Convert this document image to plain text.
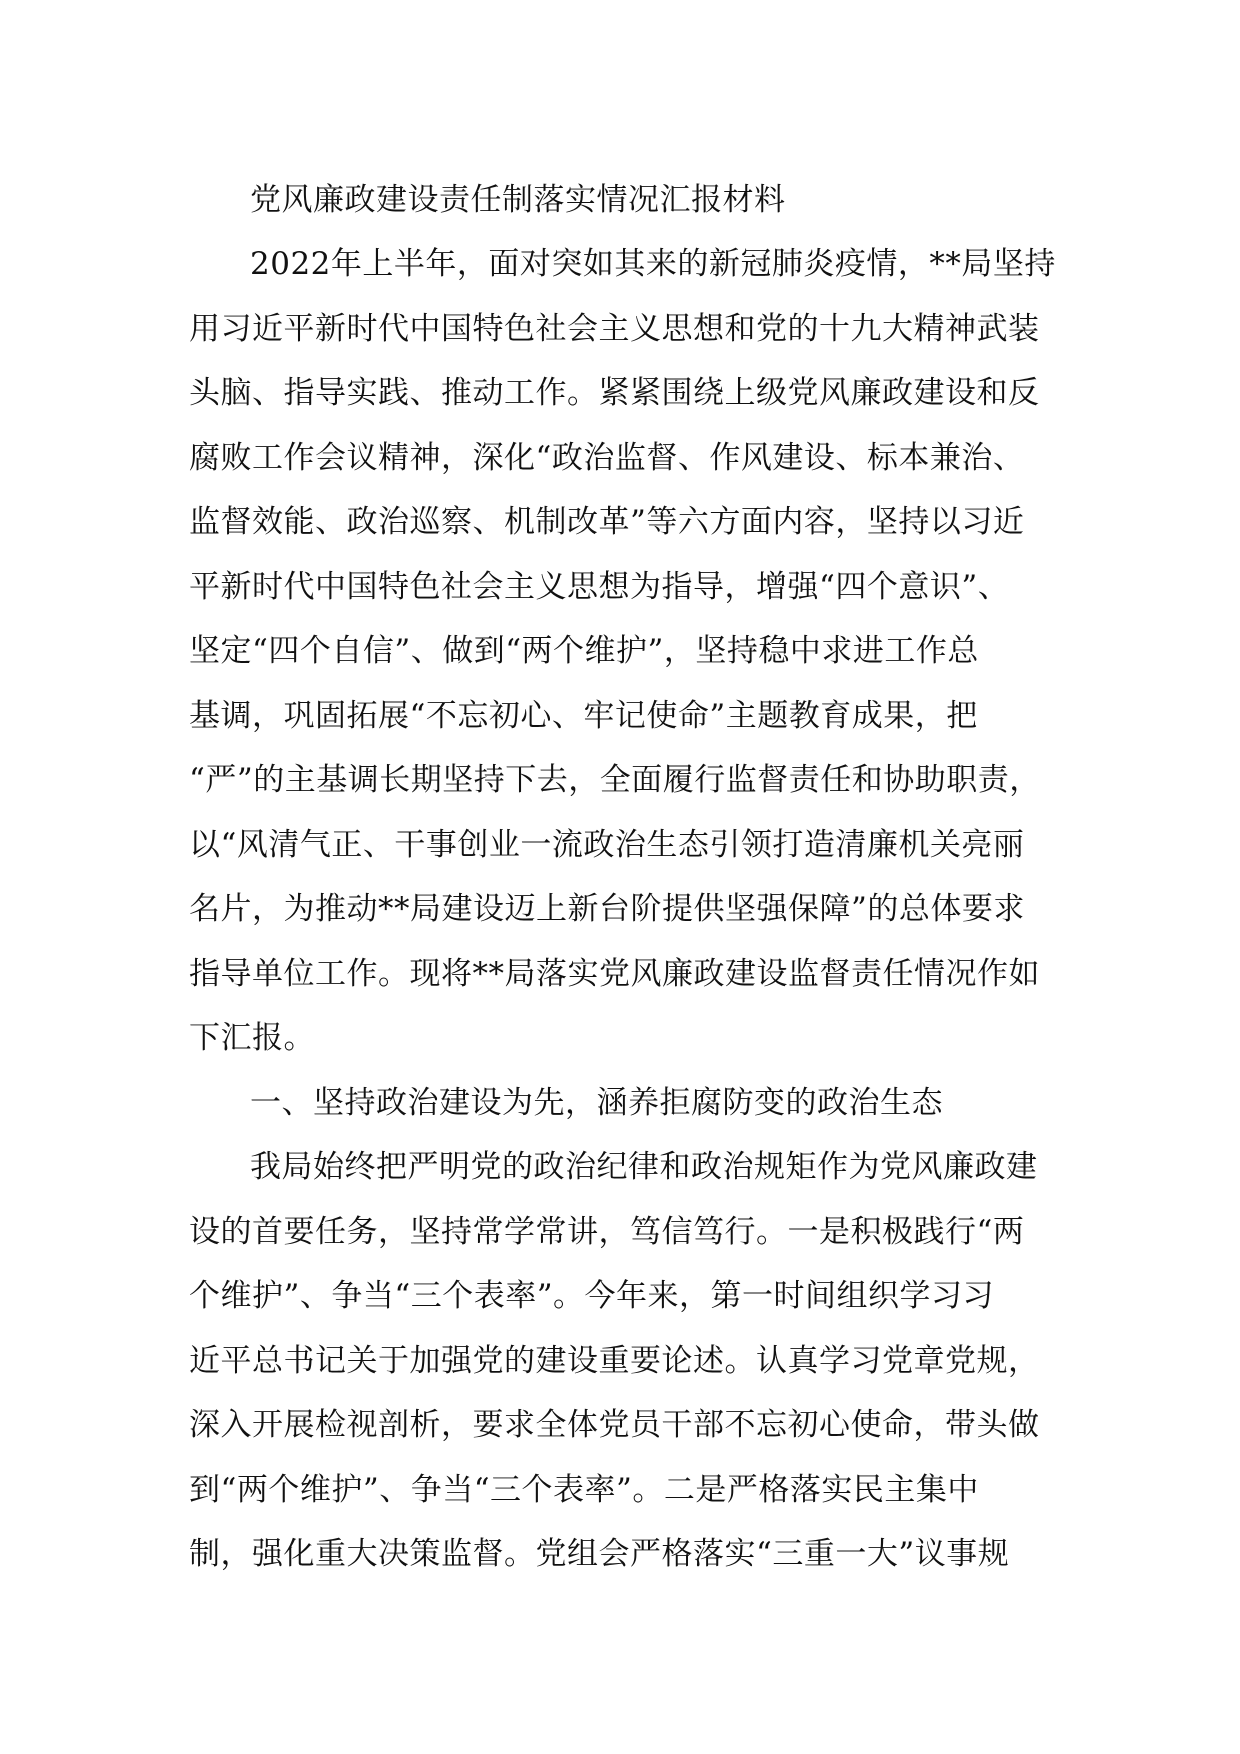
党风廉政建设责任制落实情况汇报材料
2022年上半年，面对突如其来的新冠肺炎疫情，**局坚持
用习近平新时代中国特色社会主义思想和党的十九大精神武装
头脑、指导实践、推动工作。紧紧围绕上级党风廉政建设和反
腐败工作会议精神，深化“政治监督、作风建设、标本兼治、
监督效能、政治巡察、机制改革”等六方面内容，坚持以习近
平新时代中国特色社会主义思想为指导，增强“四个意识”、
坚定“四个自信”、做到“两个维护”，坚持稳中求进工作总
基调，巩固拓展“不忘初心、牢记使命”主题教育成果，把
“严”的主基调长期坚持下去，全面履行监督责任和协助职责，
以“风清气正、干事创业一流政治生态引领打造清廉机关亮丽
名片，为推动**局建设迈上新台阶提供坚强保障”的总体要求
指导单位工作。现将**局落实党风廉政建设监督责任情况作如
下汇报。
一、坚持政治建设为先，涵养拒腐防变的政治生态
我局始终把严明党的政治纪律和政治规矩作为党风廉政建
设的首要任务，坚持常学常讲，笃信笃行。一是积极践行“两
个维护”、争当“三个表率”。今年来，第一时间组织学习习
近平总书记关于加强党的建设重要论述。认真学习党章党规，
深入开展检视剖析，要求全体党员干部不忘初心使命，带头做
到“两个维护”、争当“三个表率”。二是严格落实民主集中
制，强化重大决策监督。党组会严格落实“三重一大”议事规
